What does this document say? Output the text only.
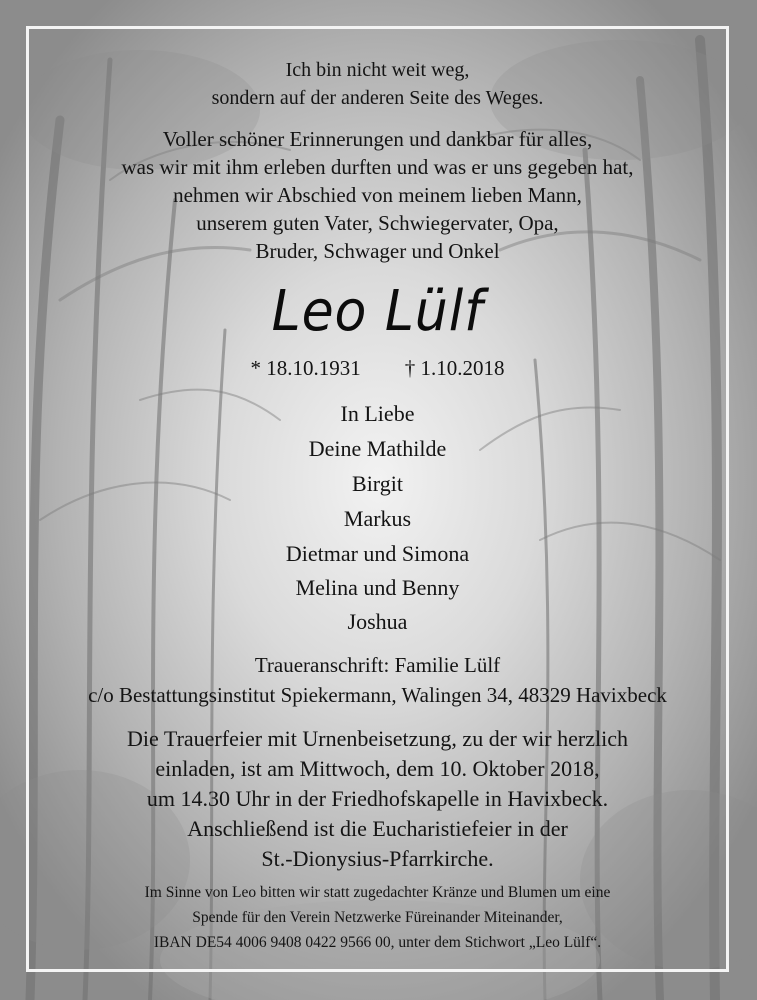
Ich bin nicht weit weg,
sondern auf der anderen Seite des Weges.
Voller schöner Erinnerungen und dankbar für alles,
was wir mit ihm erleben durften und was er uns gegeben hat,
nehmen wir Abschied von meinem lieben Mann,
unserem guten Vater, Schwiegervater, Opa,
Bruder, Schwager und Onkel
Leo Lülf
* 18.10.1931 † 1.10.2018
In Liebe
Deine Mathilde
Birgit
Markus
Dietmar und Simona
Melina und Benny
Joshua
Traueranschrift: Familie Lülf
c/o Bestattungsinstitut Spiekermann, Walingen 34, 48329 Havixbeck
Die Trauerfeier mit Urnenbeisetzung, zu der wir herzlich
einladen, ist am Mittwoch, dem 10. Oktober 2018,
um 14.30 Uhr in der Friedhofskapelle in Havixbeck.
Anschließend ist die Eucharistiefeier in der
St.-Dionysius-Pfarrkirche.
Im Sinne von Leo bitten wir statt zugedachter Kränze und Blumen um eine
Spende für den Verein Netzwerke Füreinander Miteinander,
IBAN DE54 4006 9408 0422 9566 00, unter dem Stichwort „Leo Lülf“.
